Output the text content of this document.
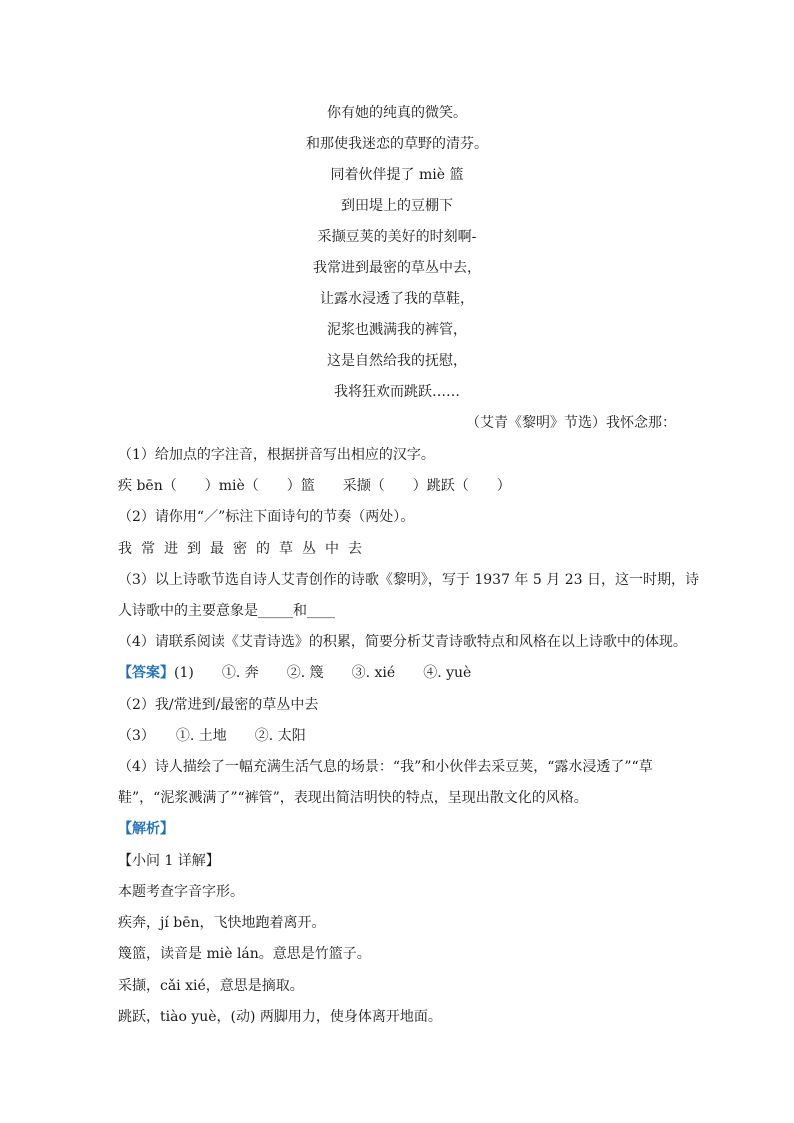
你有她的纯真的微笑。
和那使我迷恋的草野的清芬。
同着伙伴提了 miè 篮
到田堤上的豆棚下
采撷豆荚的美好的时刻啊-
我常进到最密的草丛中去，
让露水浸透了我的草鞋，
泥浆也溅满我的裤管，
这是自然给我的抚慰，
我将狂欢而跳跃……
（艾青《黎明》节选）我怀念那：
（1）给加点的字注音，根据拼音写出相应的汉字。
疾 bēn（　　）miè（　　）篮　　采撷（　　）跳跃（　　）
（2）请你用“／”标注下面诗句的节奏（两处）。
我常进到最密的草丛中去
（3）以上诗歌节选自诗人艾青创作的诗歌《黎明》，写于 1937 年 5 月 23 日，这一时期，诗
人诗歌中的主要意象是_____和____
（4）请联系阅读《艾青诗选》的积累，简要分析艾青诗歌特点和风格在以上诗歌中的体现。
【答案】(1)　　①. 奔　　②. 篾　　③. xié　　④. yuè
（2）我/常进到/最密的草丛中去
（3）　　①. 土地　　②. 太阳
（4）诗人描绘了一幅充满生活气息的场景：“我”和小伙伴去采豆荚，“露水浸透了”“草
鞋”，“泥浆溅满了”“裤管”，表现出简洁明快的特点，呈现出散文化的风格。
【解析】
【小问 1 详解】
本题考查字音字形。
疾奔，jí bēn，飞快地跑着离开。
篾篮，读音是 miè lán。意思是竹篮子。
采撷，cǎi xié，意思是摘取。
跳跃，tiào yuè，(动) 两脚用力，使身体离开地面。
